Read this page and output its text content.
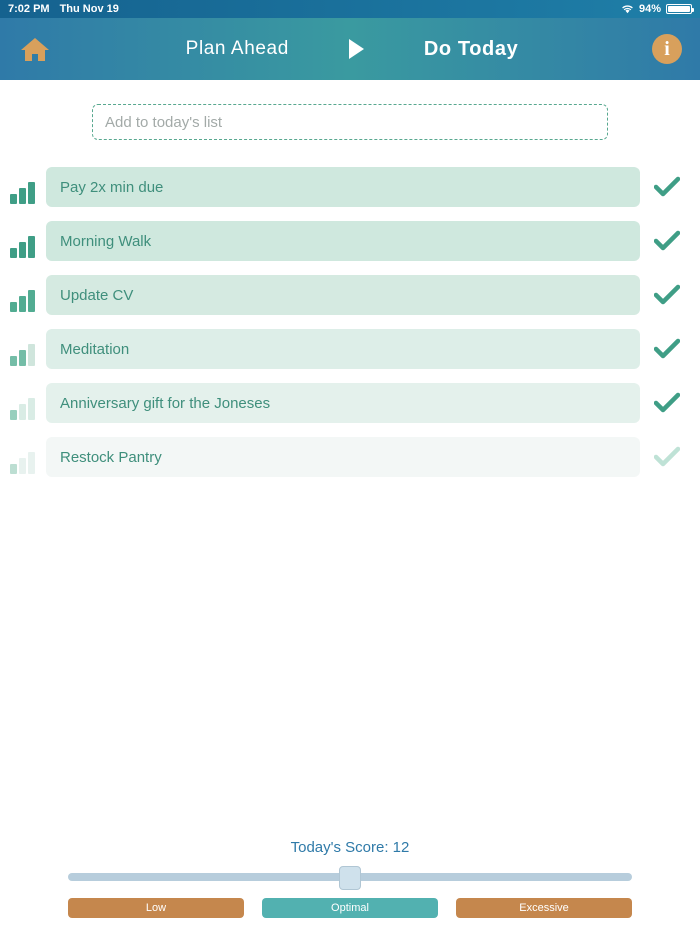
7:02 PM Thu Nov 19	94%
Plan Ahead	Do Today	i
Add to today's list
Pay 2x min due
Morning Walk
Update CV
Meditation
Anniversary gift for the Joneses
Restock Pantry
Today's Score: 12
Low	Optimal	Excessive
